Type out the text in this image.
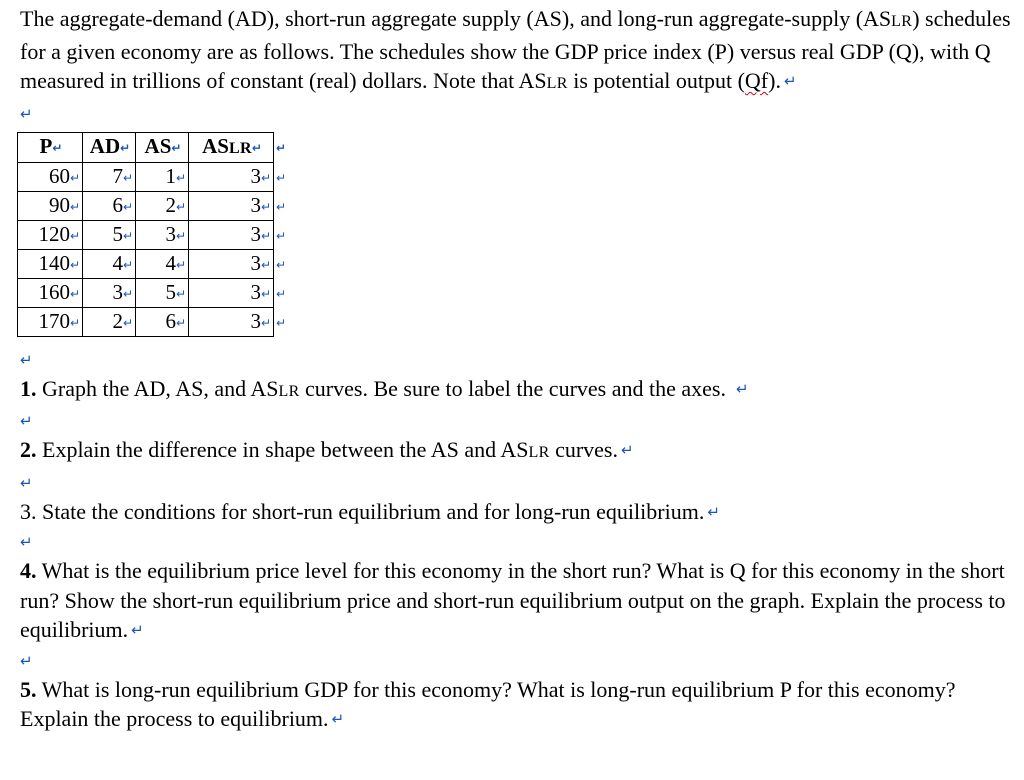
The aggregate-demand (AD), short-run aggregate supply (AS), and long-run aggregate-supply (ASLR) schedules for a given economy are as follows. The schedules show the GDP price index (P) versus real GDP (Q), with Q measured in trillions of constant (real) dollars. Note that ASLR is potential output (Qf). ↵

↵
P↵	AD↵	AS↵	ASLR↵	↵
60↵	7↵	1↵	3↵	↵
90↵	6↵	2↵	3↵	↵
120↵	5↵	3↵	3↵	↵
140↵	4↵	4↵	3↵	↵
160↵	3↵	5↵	3↵	↵
170↵	2↵	6↵	3↵	↵
↵

1. Graph the AD, AS, and ASLR curves. Be sure to label the curves and the axes. ↵

↵

2. Explain the difference in shape between the AS and ASLR curves. ↵

↵

3. State the conditions for short-run equilibrium and for long-run equilibrium. ↵

↵

4. What is the equilibrium price level for this economy in the short run? What is Q for this economy in the short run? Show the short-run equilibrium price and short-run equilibrium output on the graph. Explain the process to equilibrium. ↵

↵

5. What is long-run equilibrium GDP for this economy? What is long-run equilibrium P for this economy? Explain the process to equilibrium. ↵
